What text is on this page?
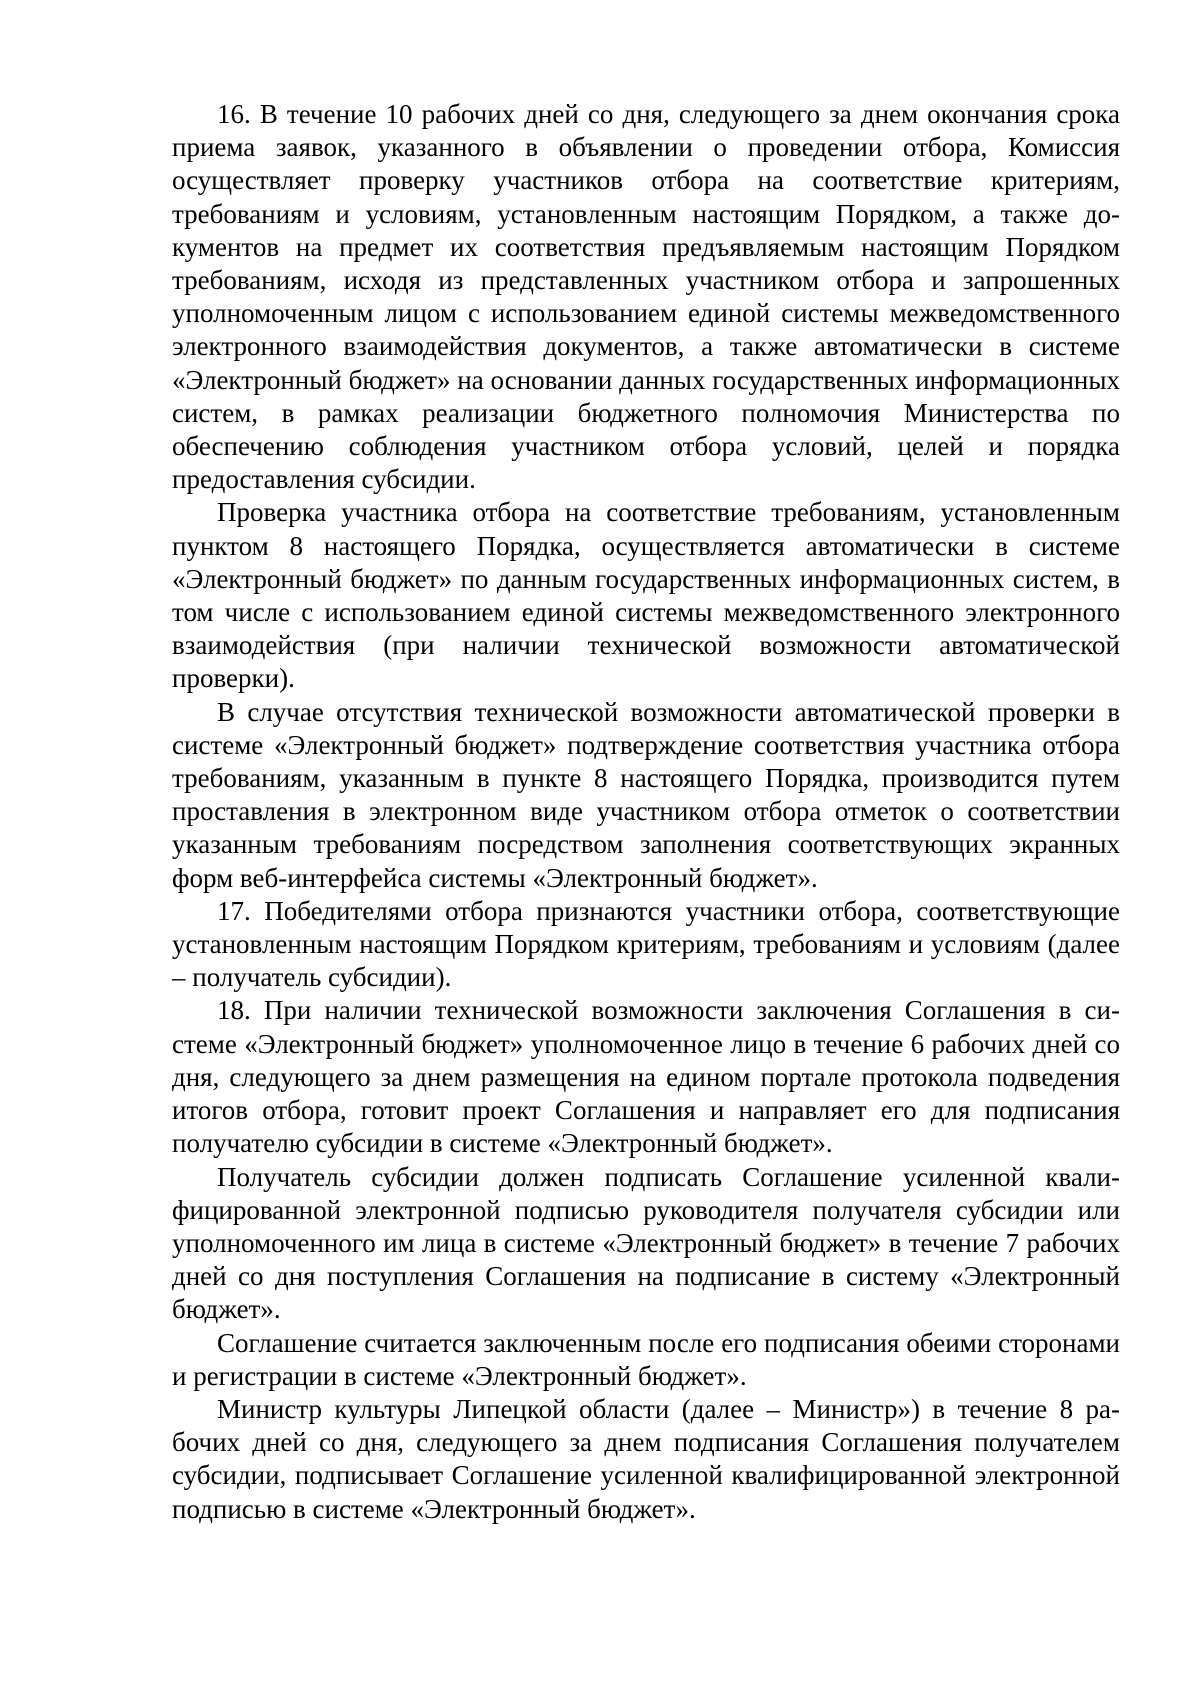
16. В течение 10 рабочих дней со дня, следующего за днем окончания срока приема заявок, указанного в объявлении о проведении отбора, Комиссия осуществляет проверку участников отбора на соответствие критериям, требованиям и условиям, установленным настоящим Порядком, а также документов на предмет их соответствия предъявляемым настоящим Порядком требованиям, исходя из представленных участником отбора и запрошенных уполномоченным лицом с использованием единой системы межведомственного электронного взаимодействия документов, а также автоматически в системе «Электронный бюджет» на основании данных государственных информационных систем, в рамках реализации бюджетного полномочия Министерства по обеспечению соблюдения участником отбора условий, целей и порядка предоставления субсидии.

Проверка участника отбора на соответствие требованиям, установленным пунктом 8 настоящего Порядка, осуществляется автоматически в системе «Электронный бюджет» по данным государственных информационных систем, в том числе с использованием единой системы межведомственного электронного взаимодействия (при наличии технической возможности автоматической проверки).

В случае отсутствия технической возможности автоматической проверки в системе «Электронный бюджет» подтверждение соответствия участника отбора требованиям, указанным в пункте 8 настоящего Порядка, производится путем проставления в электронном виде участником отбора отметок о соответствии указанным требованиям посредством заполнения соответствующих экранных форм веб-интерфейса системы «Электронный бюджет».

17. Победителями отбора признаются участники отбора, соответствующие установленным настоящим Порядком критериям, требованиям и условиям (далее – получатель субсидии).

18. При наличии технической возможности заключения Соглашения в системе «Электронный бюджет» уполномоченное лицо в течение 6 рабочих дней со дня, следующего за днем размещения на едином портале протокола подведения итогов отбора, готовит проект Соглашения и направляет его для подписания получателю субсидии в системе «Электронный бюджет».

Получатель субсидии должен подписать Соглашение усиленной квалифицированной электронной подписью руководителя получателя субсидии или уполномоченного им лица в системе «Электронный бюджет» в течение 7 рабочих дней со дня поступления Соглашения на подписание в систему «Электронный бюджет».

Соглашение считается заключенным после его подписания обеими сторонами и регистрации в системе «Электронный бюджет».

Министр культуры Липецкой области (далее – Министр») в течение 8 рабочих дней со дня, следующего за днем подписания Соглашения получателем субсидии, подписывает Соглашение усиленной квалифицированной электронной подписью в системе «Электронный бюджет».
